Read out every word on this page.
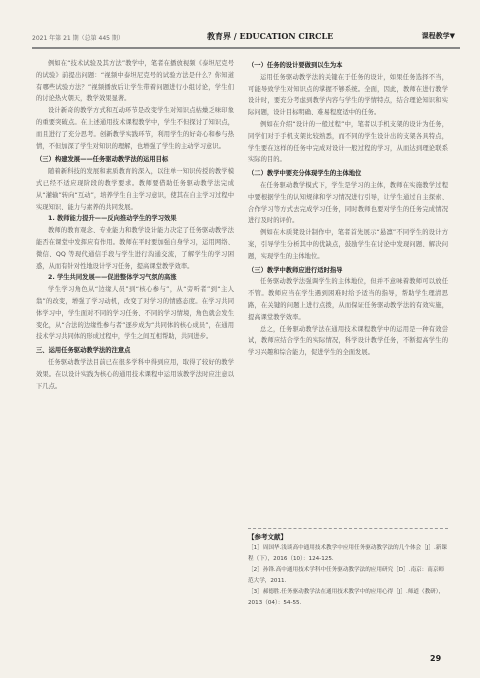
2021 年第 21 期（总第 445 期）	教育界 / EDUCATION CIRCLE	课程教学▼

例如在“技术试验及其方法”教学中，笔者在播放视频《泰坦尼克号的试验》前提出问题：“视频中泰坦尼克号的试验方法是什么？你知道有哪些试验方法？”视频播放后让学生带着问题进行小组讨论，学生们的讨论热火朝天，教学效果显著。

设计新奇的教学方式和互动环节是改变学生对知识点枯燥乏味印象的重要突破点。在上述通用技术课程教学中，学生不但探讨了知识点，而且进行了充分思考。创新教学实践环节，利用学生的好奇心和参与热情，不但加深了学生对知识的理解，也增强了学生的主动学习意识。

（三）构建发展——任务驱动教学法的运用目标

随着新科技的发展和素质教育的深入，以往单一知识传授的教学模式已经不适应现阶段的教学要求。教师要借助任务驱动教学法完成从“灌输”转向“互动”，培养学生自主学习意识，使其在自主学习过程中实现知识、能力与素养的共同发展。

1. 教师能力提升——反向推动学生的学习效果

教师的教育观念、专业能力和教学设计能力决定了任务驱动教学法能否在课堂中发挥应有作用。教师在平时要加强自身学习，运用网络、微信、QQ 等现代通信手段与学生进行沟通交流，了解学生的学习困惑，从而有针对性地设计学习任务，提高课堂教学效率。

2. 学生共同发展——促进整体学习气氛的高涨

学生学习角色从“边缘人员”到“核心参与”，从“旁听者”到“主人翁”的改变，增强了学习动机，改变了对学习的情感态度。在学习共同体学习中，学生面对不同的学习任务、不同的学习情境，角色就会发生变化，从“合法的边缘性参与者”逐步成为“共同体的核心成员”，在通用技术学习共同体的形成过程中，学生之间互相帮助，共同进步。

三、运用任务驱动教学法的注意点

任务驱动教学法目前已在很多学科中得到应用，取得了较好的教学效果。在以设计实践为核心的通用技术课程中运用该教学法时应注意以下几点。

（一）任务的设计要做到以生为本

运用任务驱动教学法的关键在于任务的设计，如果任务选择不当，可能导致学生对知识点的掌握不够系统。全面，因此，教师在进行教学设计时，要充分考虑到教学内容与学生的学情特点，结合理论知识和实际问题，设计目标明确、难易程度适中的任务。

例如在介绍“设计的一般过程”中，笔者以手机支架的设计为任务，同学们对于手机支架比较熟悉，而不同的学生设计出的支架各具特点，学生要在这样的任务中完成对设计一般过程的学习，从而达到理论联系实际的目的。

（二）教学中要充分体现学生的主体地位

在任务驱动教学模式下，学生是学习的主体，教师在实施教学过程中要根据学生的认知规律和学习情况进行引导，让学生通过自主探索、合作学习等方式去完成学习任务，同时教师也要对学生的任务完成情况进行及时的评价。

例如在木质凳设计制作中，笔者首先展示“悬凛”不同学生的设计方案，引导学生分析其中的优缺点，鼓励学生在讨论中发现问题、解决问题，实现学生的主体地位。

（三）教学中教师应进行适时指导

任务驱动教学法强调学生的主体地位，但并不意味着教师可以放任不管。教师应当在学生遇到困难时给予适当的指导，帮助学生理清思路，在关键的问题上进行点拨，从而保证任务驱动教学法的有效实施，提高课堂教学效率。

总之，任务驱动教学法在通用技术课程教学中的运用是一种有效尝试，教师应结合学生的实际情况，科学设计教学任务，不断提高学生的学习兴趣和综合能力，促进学生的全面发展。

【参考文献】

［1］周国华.浅谈高中通用技术教学中应用任务驱动教学法的几个体会［J］.新课程（下），2016（10）：124-125.

［2］孙锋.高中通用技术学科中任务驱动教学法的应用研究［D］.南京：南京师范大学，2011.

［3］郝德胜.任务驱动教学法在通用技术教学中的应用心得［J］.师道（教研），2013（04）：54-55.

29
